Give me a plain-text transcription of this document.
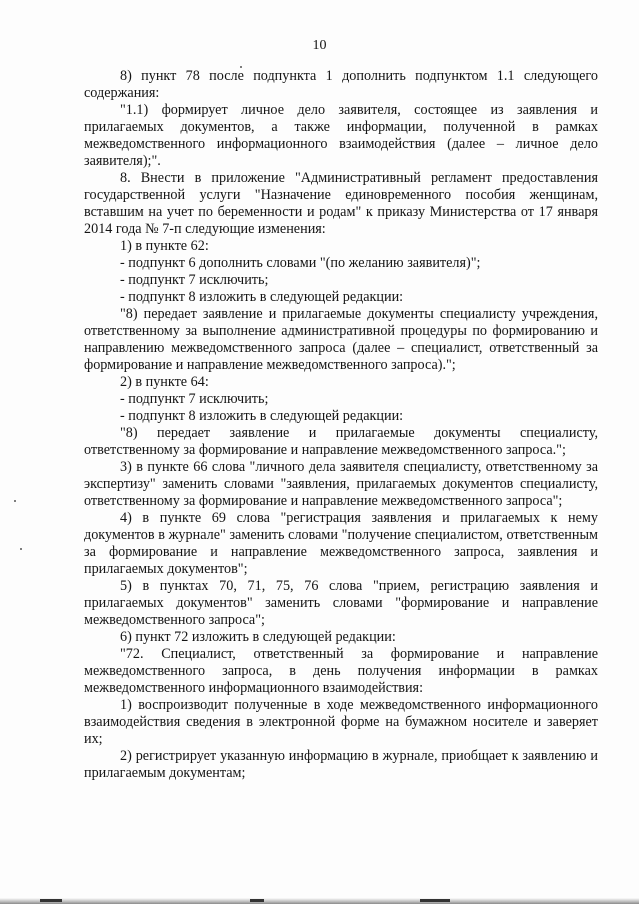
10

8) пункт 78 после подпункта 1 дополнить подпунктом 1.1 следующего содержания:

"1.1) формирует личное дело заявителя, состоящее из заявления и прилагаемых документов, а также информации, полученной в рамках межведомственного информационного взаимодействия (далее – личное дело заявителя);".

8. Внести в приложение "Административный регламент предоставления государственной услуги "Назначение единовременного пособия женщинам, вставшим на учет по беременности и родам" к приказу Министерства от 17 января 2014 года № 7-п следующие изменения:

1) в пункте 62:

- подпункт 6 дополнить словами "(по желанию заявителя)";

- подпункт 7 исключить;

- подпункт 8 изложить в следующей редакции:

"8) передает заявление и прилагаемые документы специалисту учреждения, ответственному за выполнение административной процедуры по формированию и направлению межведомственного запроса (далее – специалист, ответственный за формирование и направление межведомственного запроса).";

2) в пункте 64:

- подпункт 7 исключить;

- подпункт 8 изложить в следующей редакции:

"8) передает заявление и прилагаемые документы специалисту, ответственному за формирование и направление межведомственного запроса.";

3) в пункте 66 слова "личного дела заявителя специалисту, ответственному за экспертизу" заменить словами "заявления, прилагаемых документов специалисту, ответственному за формирование и направление межведомственного запроса";

4) в пункте 69 слова "регистрация заявления и прилагаемых к нему документов в журнале" заменить словами "получение специалистом, ответственным за формирование и направление межведомственного запроса, заявления и прилагаемых документов";

5) в пунктах 70, 71, 75, 76 слова "прием, регистрацию заявления и прилагаемых документов" заменить словами "формирование и направление межведомственного запроса";

6) пункт 72 изложить в следующей редакции:

"72. Специалист, ответственный за формирование и направление межведомственного запроса, в день получения информации в рамках межведомственного информационного взаимодействия:

1) воспроизводит полученные в ходе межведомственного информационного взаимодействия сведения в электронной форме на бумажном носителе и заверяет их;

2) регистрирует указанную информацию в журнале, приобщает к заявлению и прилагаемым документам;
